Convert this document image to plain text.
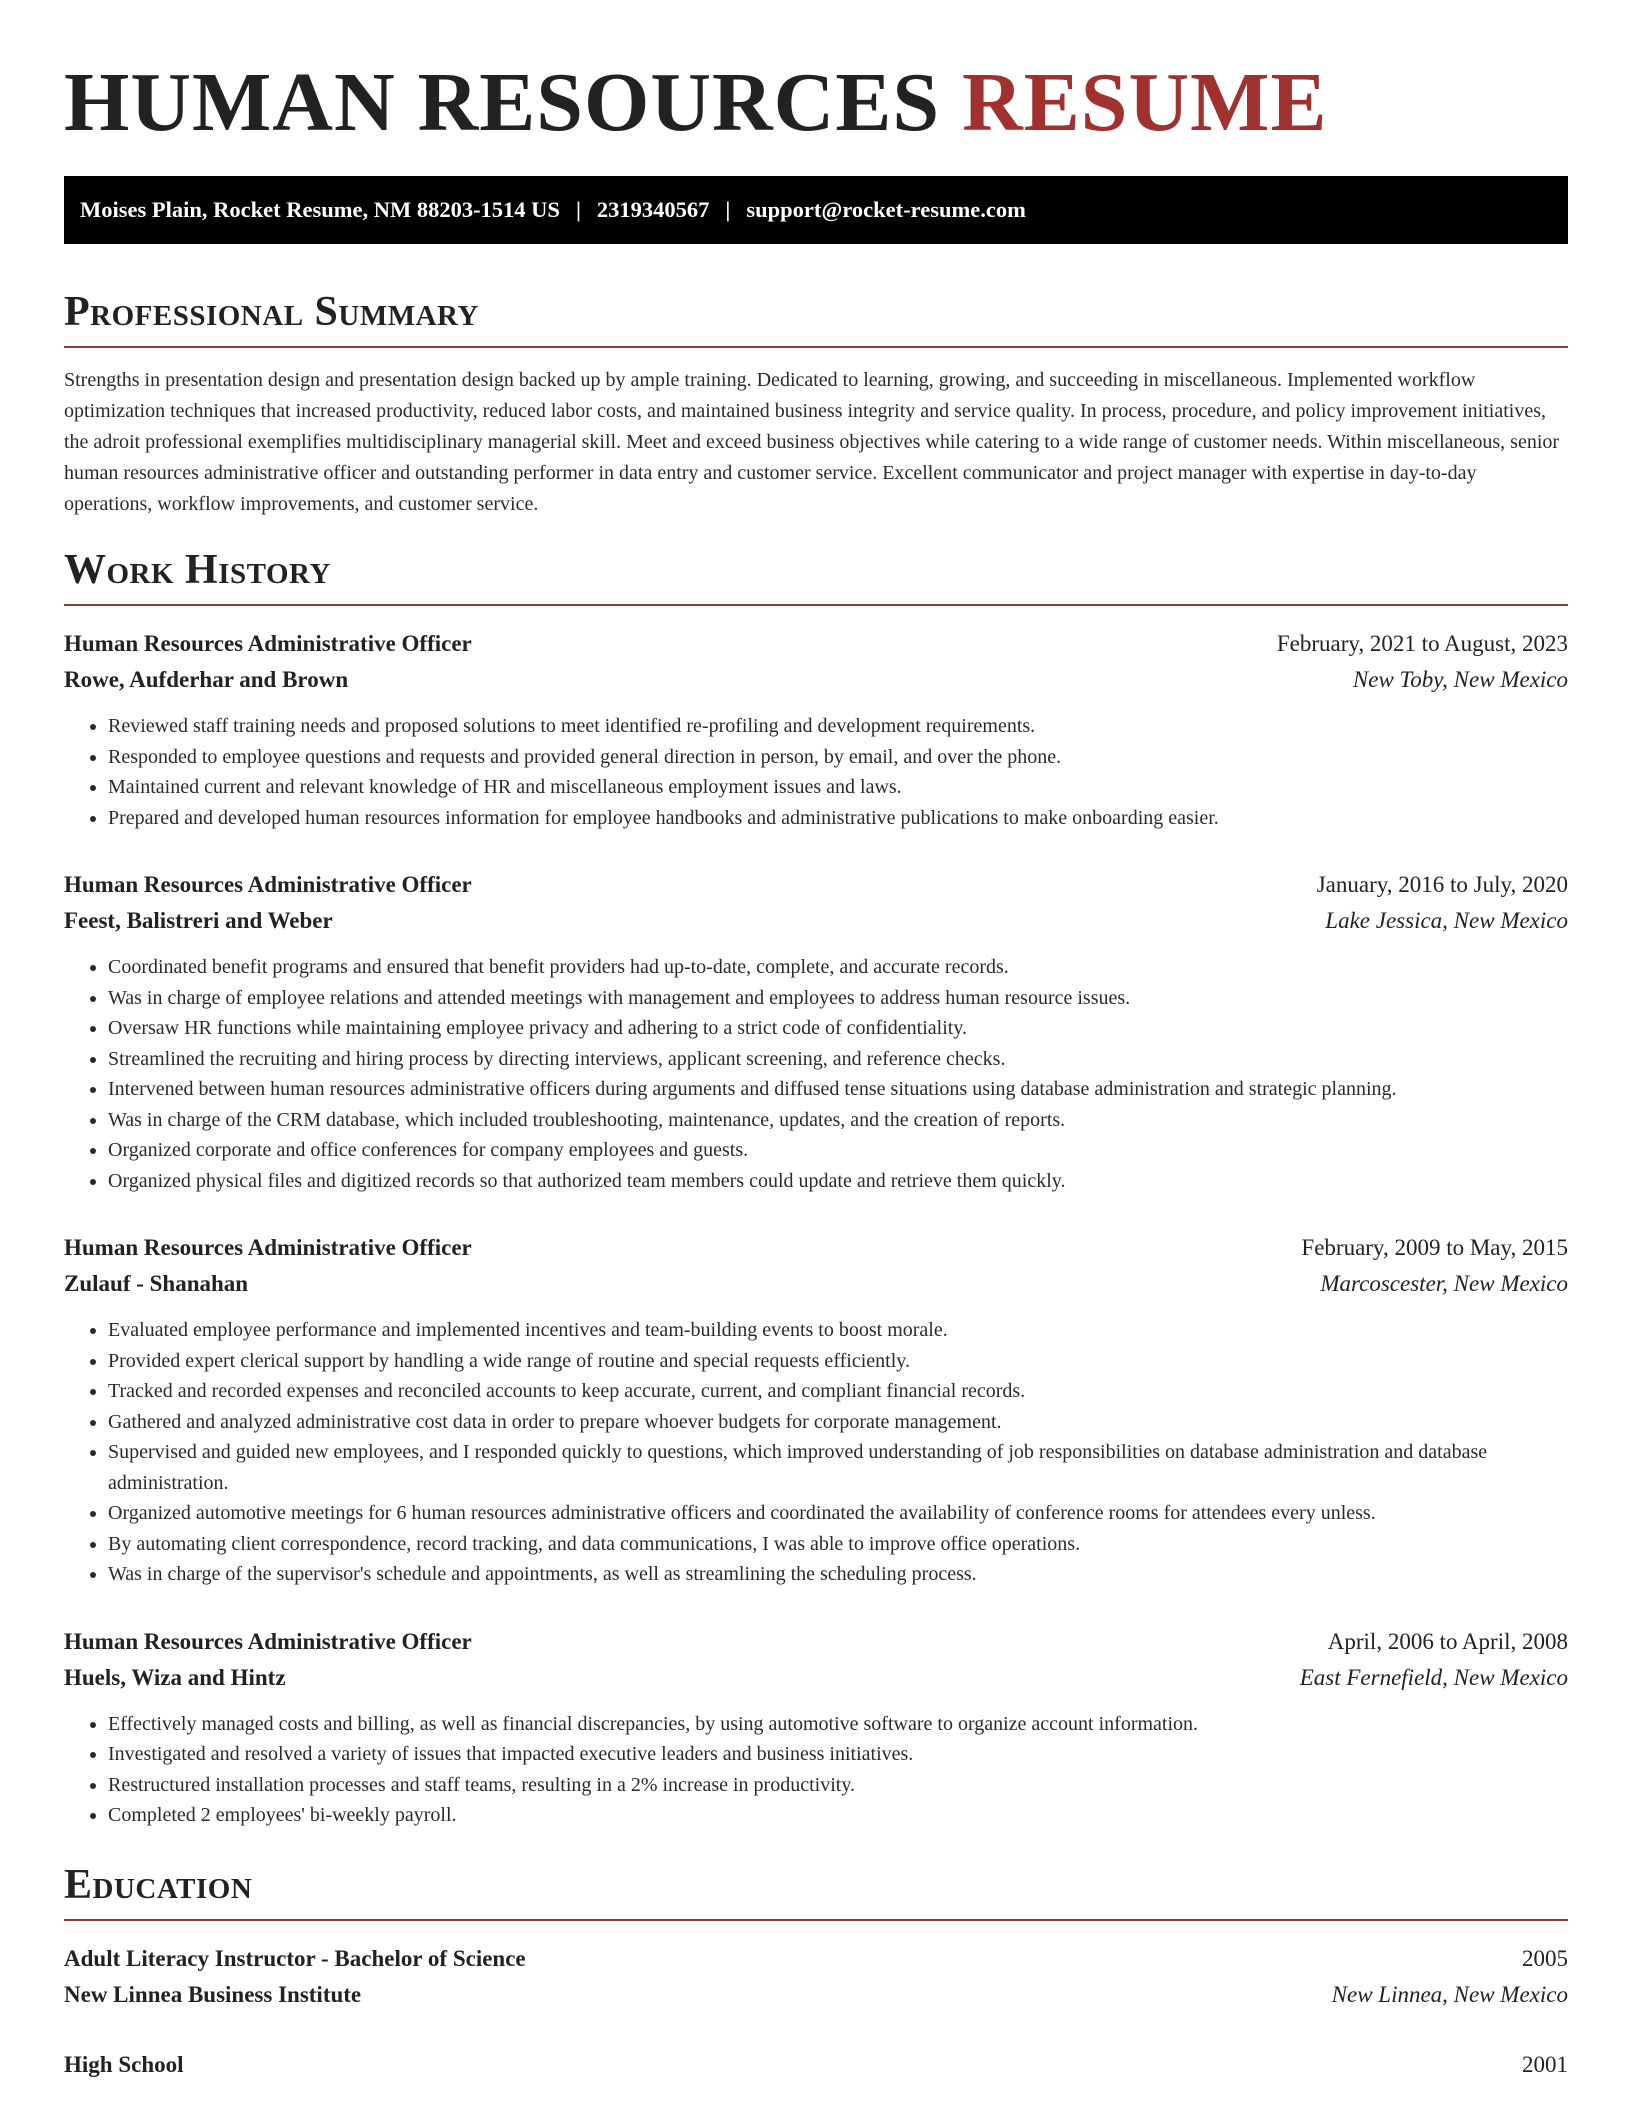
HUMAN RESOURCES RESUME
Moises Plain, Rocket Resume, NM 88203-1514 US | 2319340567 | support@rocket-resume.com
Professional Summary
Strengths in presentation design and presentation design backed up by ample training. Dedicated to learning, growing, and succeeding in miscellaneous. Implemented workflow optimization techniques that increased productivity, reduced labor costs, and maintained business integrity and service quality. In process, procedure, and policy improvement initiatives, the adroit professional exemplifies multidisciplinary managerial skill. Meet and exceed business objectives while catering to a wide range of customer needs. Within miscellaneous, senior human resources administrative officer and outstanding performer in data entry and customer service. Excellent communicator and project manager with expertise in day-to-day operations, workflow improvements, and customer service.
Work History
Human Resources Administrative Officer	February, 2021 to August, 2023
Rowe, Aufderhar and Brown	New Toby, New Mexico
• Reviewed staff training needs and proposed solutions to meet identified re-profiling and development requirements.
• Responded to employee questions and requests and provided general direction in person, by email, and over the phone.
• Maintained current and relevant knowledge of HR and miscellaneous employment issues and laws.
• Prepared and developed human resources information for employee handbooks and administrative publications to make onboarding easier.
Human Resources Administrative Officer	January, 2016 to July, 2020
Feest, Balistreri and Weber	Lake Jessica, New Mexico
• Coordinated benefit programs and ensured that benefit providers had up-to-date, complete, and accurate records.
• Was in charge of employee relations and attended meetings with management and employees to address human resource issues.
• Oversaw HR functions while maintaining employee privacy and adhering to a strict code of confidentiality.
• Streamlined the recruiting and hiring process by directing interviews, applicant screening, and reference checks.
• Intervened between human resources administrative officers during arguments and diffused tense situations using database administration and strategic planning.
• Was in charge of the CRM database, which included troubleshooting, maintenance, updates, and the creation of reports.
• Organized corporate and office conferences for company employees and guests.
• Organized physical files and digitized records so that authorized team members could update and retrieve them quickly.
Human Resources Administrative Officer	February, 2009 to May, 2015
Zulauf - Shanahan	Marcoscester, New Mexico
• Evaluated employee performance and implemented incentives and team-building events to boost morale.
• Provided expert clerical support by handling a wide range of routine and special requests efficiently.
• Tracked and recorded expenses and reconciled accounts to keep accurate, current, and compliant financial records.
• Gathered and analyzed administrative cost data in order to prepare whoever budgets for corporate management.
• Supervised and guided new employees, and I responded quickly to questions, which improved understanding of job responsibilities on database administration and database administration.
• Organized automotive meetings for 6 human resources administrative officers and coordinated the availability of conference rooms for attendees every unless.
• By automating client correspondence, record tracking, and data communications, I was able to improve office operations.
• Was in charge of the supervisor's schedule and appointments, as well as streamlining the scheduling process.
Human Resources Administrative Officer	April, 2006 to April, 2008
Huels, Wiza and Hintz	East Fernefield, New Mexico
• Effectively managed costs and billing, as well as financial discrepancies, by using automotive software to organize account information.
• Investigated and resolved a variety of issues that impacted executive leaders and business initiatives.
• Restructured installation processes and staff teams, resulting in a 2% increase in productivity.
• Completed 2 employees' bi-weekly payroll.
Education
Adult Literacy Instructor - Bachelor of Science	2005
New Linnea Business Institute	New Linnea, New Mexico
High School	2001
